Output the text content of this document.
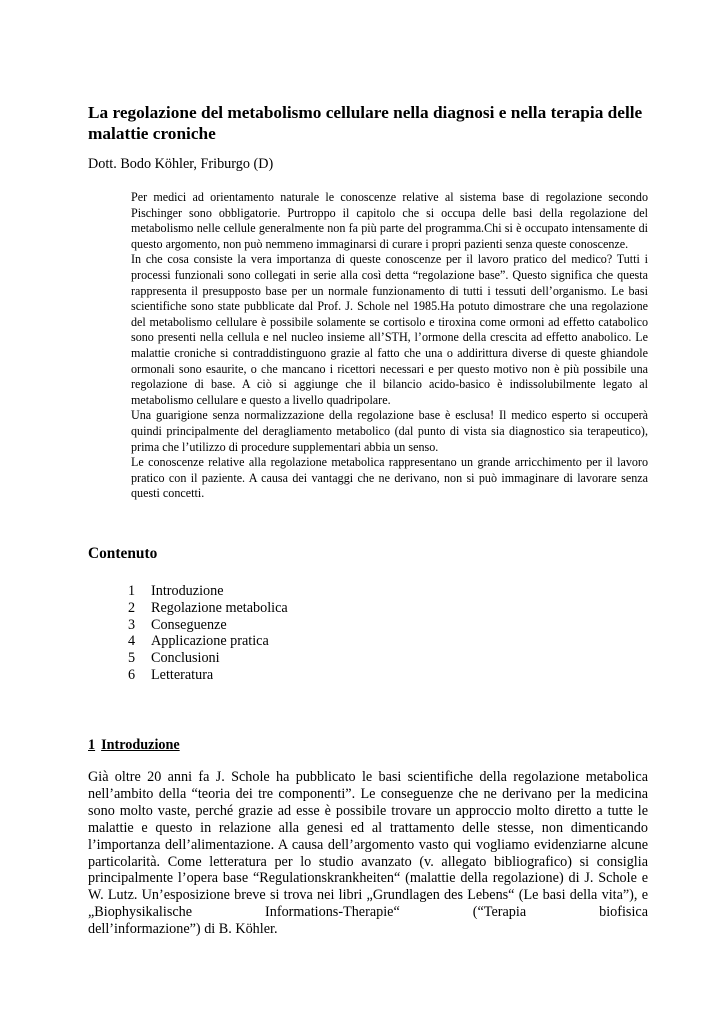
La regolazione del metabolismo cellulare nella diagnosi e nella terapia delle malattie croniche

Dott. Bodo Köhler, Friburgo (D)

Per medici ad orientamento naturale le conoscenze relative al sistema base di regolazione secondo Pischinger sono obbligatorie. Purtroppo il capitolo che si occupa delle basi della regolazione del metabolismo nelle cellule generalmente non fa più parte del programma.Chi si è occupato intensamente di questo argomento, non può nemmeno immaginarsi di curare i propri pazienti senza queste conoscenze.

In che cosa consiste la vera importanza di queste conoscenze per il lavoro pratico del medico? Tutti i processi funzionali sono collegati in serie alla così detta “regolazione base”. Questo significa che questa rappresenta il presupposto base per un normale funzionamento di tutti i tessuti dell’organismo. Le basi scientifiche sono state pubblicate dal Prof. J. Schole nel 1985.Ha potuto dimostrare che una regolazione del metabolismo cellulare è possibile solamente se cortisolo e tiroxina come ormoni ad effetto catabolico sono presenti nella cellula e nel nucleo insieme all’STH, l’ormone della crescita ad effetto anabolico. Le malattie croniche si contraddistinguono grazie al fatto che una o addirittura diverse di queste ghiandole ormonali sono esaurite, o che mancano i ricettori necessari e per questo motivo non è più possibile una regolazione di base. A ciò si aggiunge che il bilancio acido-basico è indissolubilmente legato al metabolismo cellulare e questo a livello quadripolare.

Una guarigione senza normalizzazione della regolazione base è esclusa! Il medico esperto si occuperà quindi principalmente del deragliamento metabolico (dal punto di vista sia diagnostico sia terapeutico), prima che l’utilizzo di procedure supplementari abbia un senso.

Le conoscenze relative alla regolazione metabolica rappresentano un grande arricchimento per il lavoro pratico con il paziente. A causa dei vantaggi che ne derivano, non si può immaginare di lavorare senza questi concetti.

Contenuto
1	Introduzione
2	Regolazione metabolica
3	Conseguenze
4	Applicazione pratica
5	Conclusioni
6	Letteratura
1 Introduzione

Già oltre 20 anni fa J. Schole ha pubblicato le basi scientifiche della regolazione metabolica nell’ambito della “teoria dei tre componenti”. Le conseguenze che ne derivano per la medicina sono molto vaste, perché grazie ad esse è possibile trovare un approccio molto diretto a tutte le malattie e questo in relazione alla genesi ed al trattamento delle stesse, non dimenticando l’importanza dell’alimentazione. A causa dell’argomento vasto qui vogliamo evidenziarne alcune particolarità. Come letteratura per lo studio avanzato (v. allegato bibliografico) si consiglia principalmente l’opera base “Regulationskrankheiten“ (malattie della regolazione) di J. Schole e W. Lutz. Un’esposizione breve si trova nei libri „Grundlagen des Lebens“ (Le basi della vita”), e „Biophysikalische Informations-Therapie“ (“Terapia biofisica
dell’informazione”) di B. Köhler.
